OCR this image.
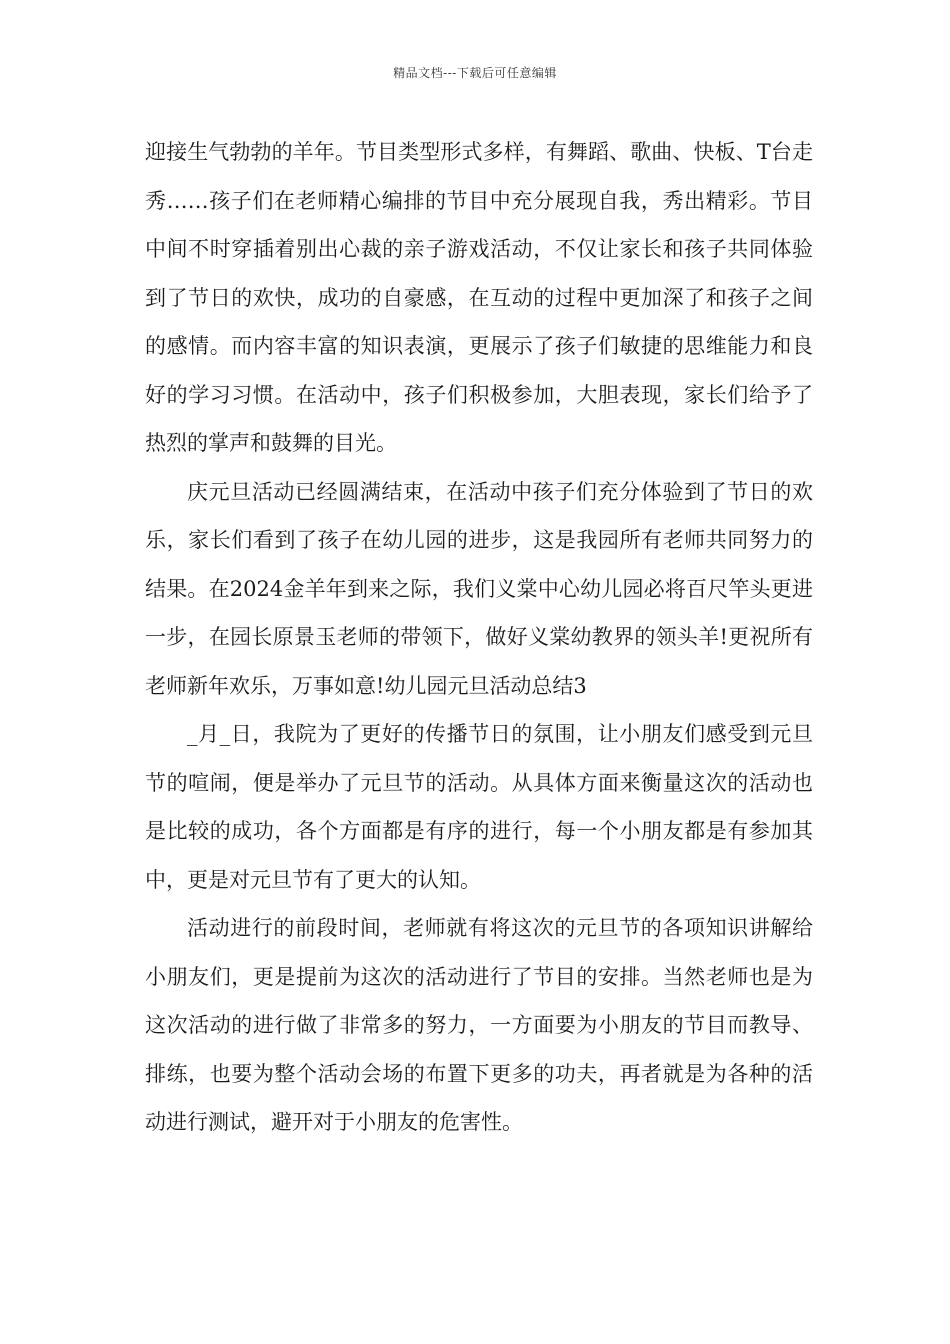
精品文档---下载后可任意编辑

迎接生气勃勃的羊年。节目类型形式多样，有舞蹈、歌曲、快板、T台走秀……孩子们在老师精心编排的节目中充分展现自我，秀出精彩。节目中间不时穿插着别出心裁的亲子游戏活动，不仅让家长和孩子共同体验到了节日的欢快，成功的自豪感，在互动的过程中更加深了和孩子之间的感情。而内容丰富的知识表演，更展示了孩子们敏捷的思维能力和良好的学习习惯。在活动中，孩子们积极参加，大胆表现，家长们给予了热烈的掌声和鼓舞的目光。

庆元旦活动已经圆满结束，在活动中孩子们充分体验到了节日的欢乐，家长们看到了孩子在幼儿园的进步，这是我园所有老师共同努力的结果。在2024金羊年到来之际，我们义棠中心幼儿园必将百尺竿头更进一步，在园长原景玉老师的带领下，做好义棠幼教界的领头羊!更祝所有老师新年欢乐，万事如意!幼儿园元旦活动总结3

_月_日，我院为了更好的传播节日的氛围，让小朋友们感受到元旦节的喧闹，便是举办了元旦节的活动。从具体方面来衡量这次的活动也是比较的成功，各个方面都是有序的进行，每一个小朋友都是有参加其中，更是对元旦节有了更大的认知。

活动进行的前段时间，老师就有将这次的元旦节的各项知识讲解给小朋友们，更是提前为这次的活动进行了节目的安排。当然老师也是为这次活动的进行做了非常多的努力，一方面要为小朋友的节目而教导、排练，也要为整个活动会场的布置下更多的功夫，再者就是为各种的活动进行测试，避开对于小朋友的危害性。
